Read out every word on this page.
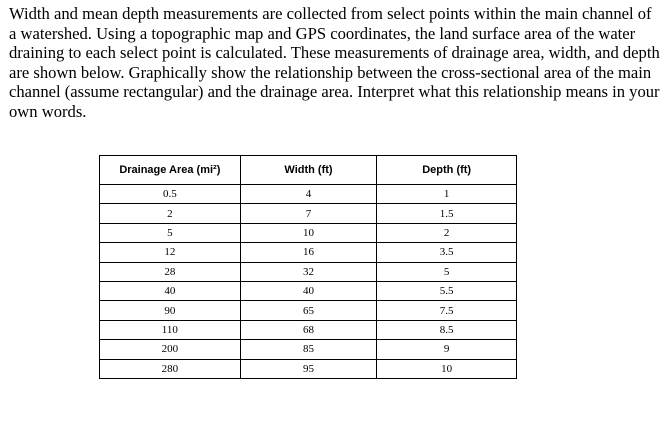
Width and mean depth measurements are collected from select points within the main channel of a watershed. Using a topographic map and GPS coordinates, the land surface area of the water draining to each select point is calculated. These measurements of drainage area, width, and depth are shown below. Graphically show the relationship between the cross-sectional area of the main channel (assume rectangular) and the drainage area. Interpret what this relationship means in your own words.

Drainage Area (mi²)	Width (ft)	Depth (ft)
0.5	4	1
2	7	1.5
5	10	2
12	16	3.5
28	32	5
40	40	5.5
90	65	7.5
110	68	8.5
200	85	9
280	95	10
